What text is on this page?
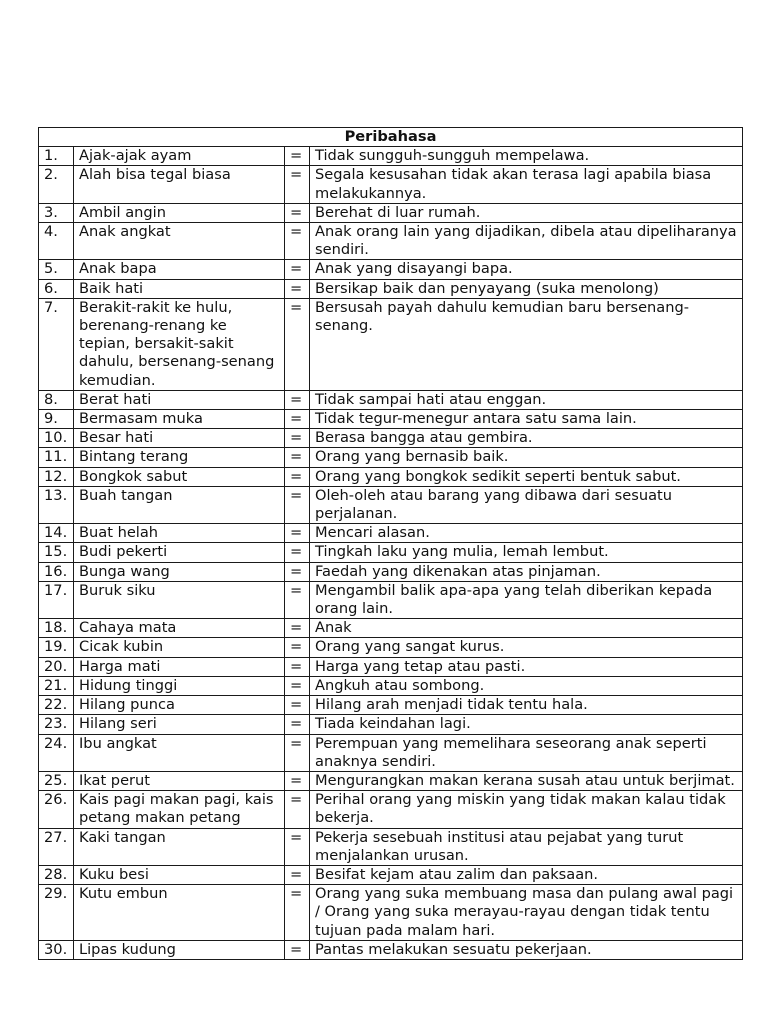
Peribahasa			
1.	Ajak-ajak ayam	=	Tidak sungguh-sungguh mempelawa.
2.	Alah bisa tegal biasa	=	Segala kesusahan tidak akan terasa lagi apabila biasa melakukannya.
3.	Ambil angin	=	Berehat di luar rumah.
4.	Anak angkat	=	Anak orang lain yang dijadikan, dibela atau dipeliharanya sendiri.
5.	Anak bapa	=	Anak yang disayangi bapa.
6.	Baik hati	=	Bersikap baik dan penyayang (suka menolong)
7.	Berakit-rakit ke hulu, berenang-renang ke tepian, bersakit-sakit dahulu, bersenang-senang kemudian.	=	Bersusah payah dahulu kemudian baru bersenang-senang.
8.	Berat hati	=	Tidak sampai hati atau enggan.
9.	Bermasam muka	=	Tidak tegur-menegur antara satu sama lain.
10.	Besar hati	=	Berasa bangga atau gembira.
11.	Bintang terang	=	Orang yang bernasib baik.
12.	Bongkok sabut	=	Orang yang bongkok sedikit seperti bentuk sabut.
13.	Buah tangan	=	Oleh-oleh atau barang yang dibawa dari sesuatu perjalanan.
14.	Buat helah	=	Mencari alasan.
15.	Budi pekerti	=	Tingkah laku yang mulia, lemah lembut.
16.	Bunga wang	=	Faedah yang dikenakan atas pinjaman.
17.	Buruk siku	=	Mengambil balik apa-apa yang telah diberikan kepada orang lain.
18.	Cahaya mata	=	Anak
19.	Cicak kubin	=	Orang yang sangat kurus.
20.	Harga mati	=	Harga yang tetap atau pasti.
21.	Hidung tinggi	=	Angkuh atau sombong.
22.	Hilang punca	=	Hilang arah menjadi tidak tentu hala.
23.	Hilang seri	=	Tiada keindahan lagi.
24.	Ibu angkat	=	Perempuan yang memelihara seseorang anak seperti anaknya sendiri.
25.	Ikat perut	=	Mengurangkan makan kerana susah atau untuk berjimat.
26.	Kais pagi makan pagi, kais petang makan petang	=	Perihal orang yang miskin yang tidak makan kalau tidak bekerja.
27.	Kaki tangan	=	Pekerja sesebuah institusi atau pejabat yang turut menjalankan urusan.
28.	Kuku besi	=	Besifat kejam atau zalim dan paksaan.
29.	Kutu embun	=	Orang yang suka membuang masa dan pulang awal pagi / Orang yang suka merayau-rayau dengan tidak tentu tujuan pada malam hari.
30.	Lipas kudung	=	Pantas melakukan sesuatu pekerjaan.
